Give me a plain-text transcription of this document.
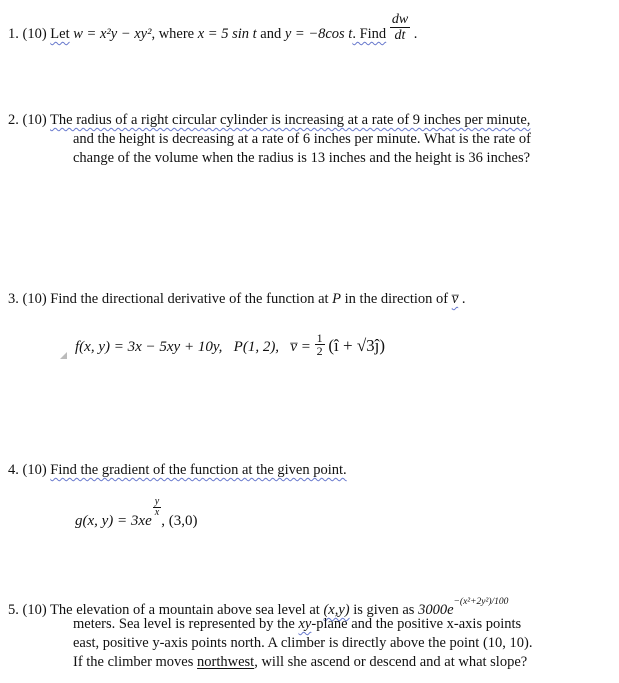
1. (10) Let w = x²y − xy², where x = 5 sin t and y = −8cos t. Find $\frac{dw}{dt}$ .
2. (10) The radius of a right circular cylinder is increasing at a rate of 9 inches per minute,
and the height is decreasing at a rate of 6 inches per minute. What is the rate of
change of the volume when the radius is 13 inches and the height is 36 inches?
3. (10) Find the directional derivative of the function at P in the direction of v̅ .
f(x, y) = 3x − 5xy + 10y, P(1, 2), v̅ = $\frac{1}{2}$ (î + √3ĵ)
4. (10) Find the gradient of the function at the given point.
g(x, y) = 3xe
$\frac{y}{x}$
, (3,0)
5. (10) The elevation of a mountain above sea level at (x,y) is given as $3000e^{-(x^2+2y^2)/100}$
meters. Sea level is represented by the xy-plane and the positive x-axis points
east, positive y-axis points north. A climber is directly above the point (10, 10).
If the climber moves northwest, will she ascend or descend and at what slope?
